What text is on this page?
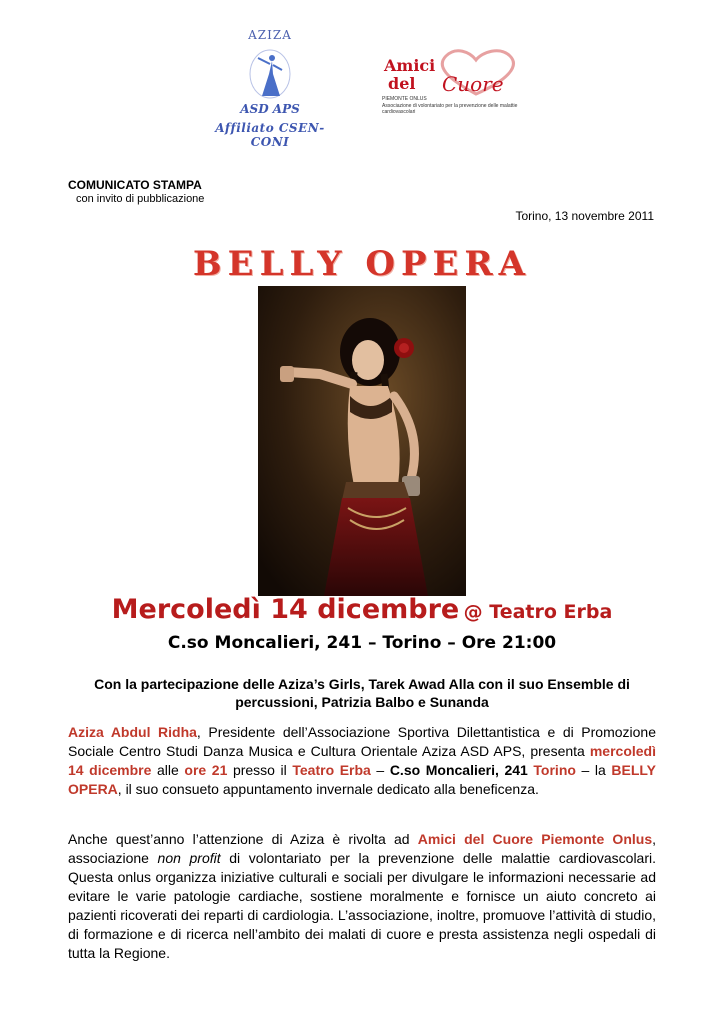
AZIZA
ASD APS
Affiliato CSEN-CONI
Amici
del Cuore
PIEMONTE ONLUS
Associazione di volontariato per la prevenzione delle malattie cardiovascolari
COMUNICATO STAMPA
con invito di pubblicazione
Torino, 13 novembre 2011
BELLY OPERA
Mercoledì 14 dicembre @ Teatro Erba
C.so Moncalieri, 241 – Torino – Ore 21:00
Con la partecipazione delle Aziza’s Girls, Tarek Awad Alla con il suo Ensemble di percussioni, Patrizia Balbo e Sunanda
Aziza Abdul Ridha, Presidente dell’Associazione Sportiva Dilettantistica e di Promozione Sociale Centro Studi Danza Musica e Cultura Orientale Aziza ASD APS, presenta mercoledì 14 dicembre alle ore 21 presso il Teatro Erba – C.so Moncalieri, 241 Torino – la BELLY OPERA, il suo consueto appuntamento invernale dedicato alla beneficenza.
Anche quest’anno l’attenzione di Aziza è rivolta ad Amici del Cuore Piemonte Onlus, associazione non profit di volontariato per la prevenzione delle malattie cardiovascolari. Questa onlus organizza iniziative culturali e sociali per divulgare le informazioni necessarie ad evitare le varie patologie cardiache, sostiene moralmente e fornisce un aiuto concreto ai pazienti ricoverati dei reparti di cardiologia. L’associazione, inoltre, promuove l’attività di studio, di formazione e di ricerca nell’ambito dei malati di cuore e presta assistenza negli ospedali di tutta la Regione.
